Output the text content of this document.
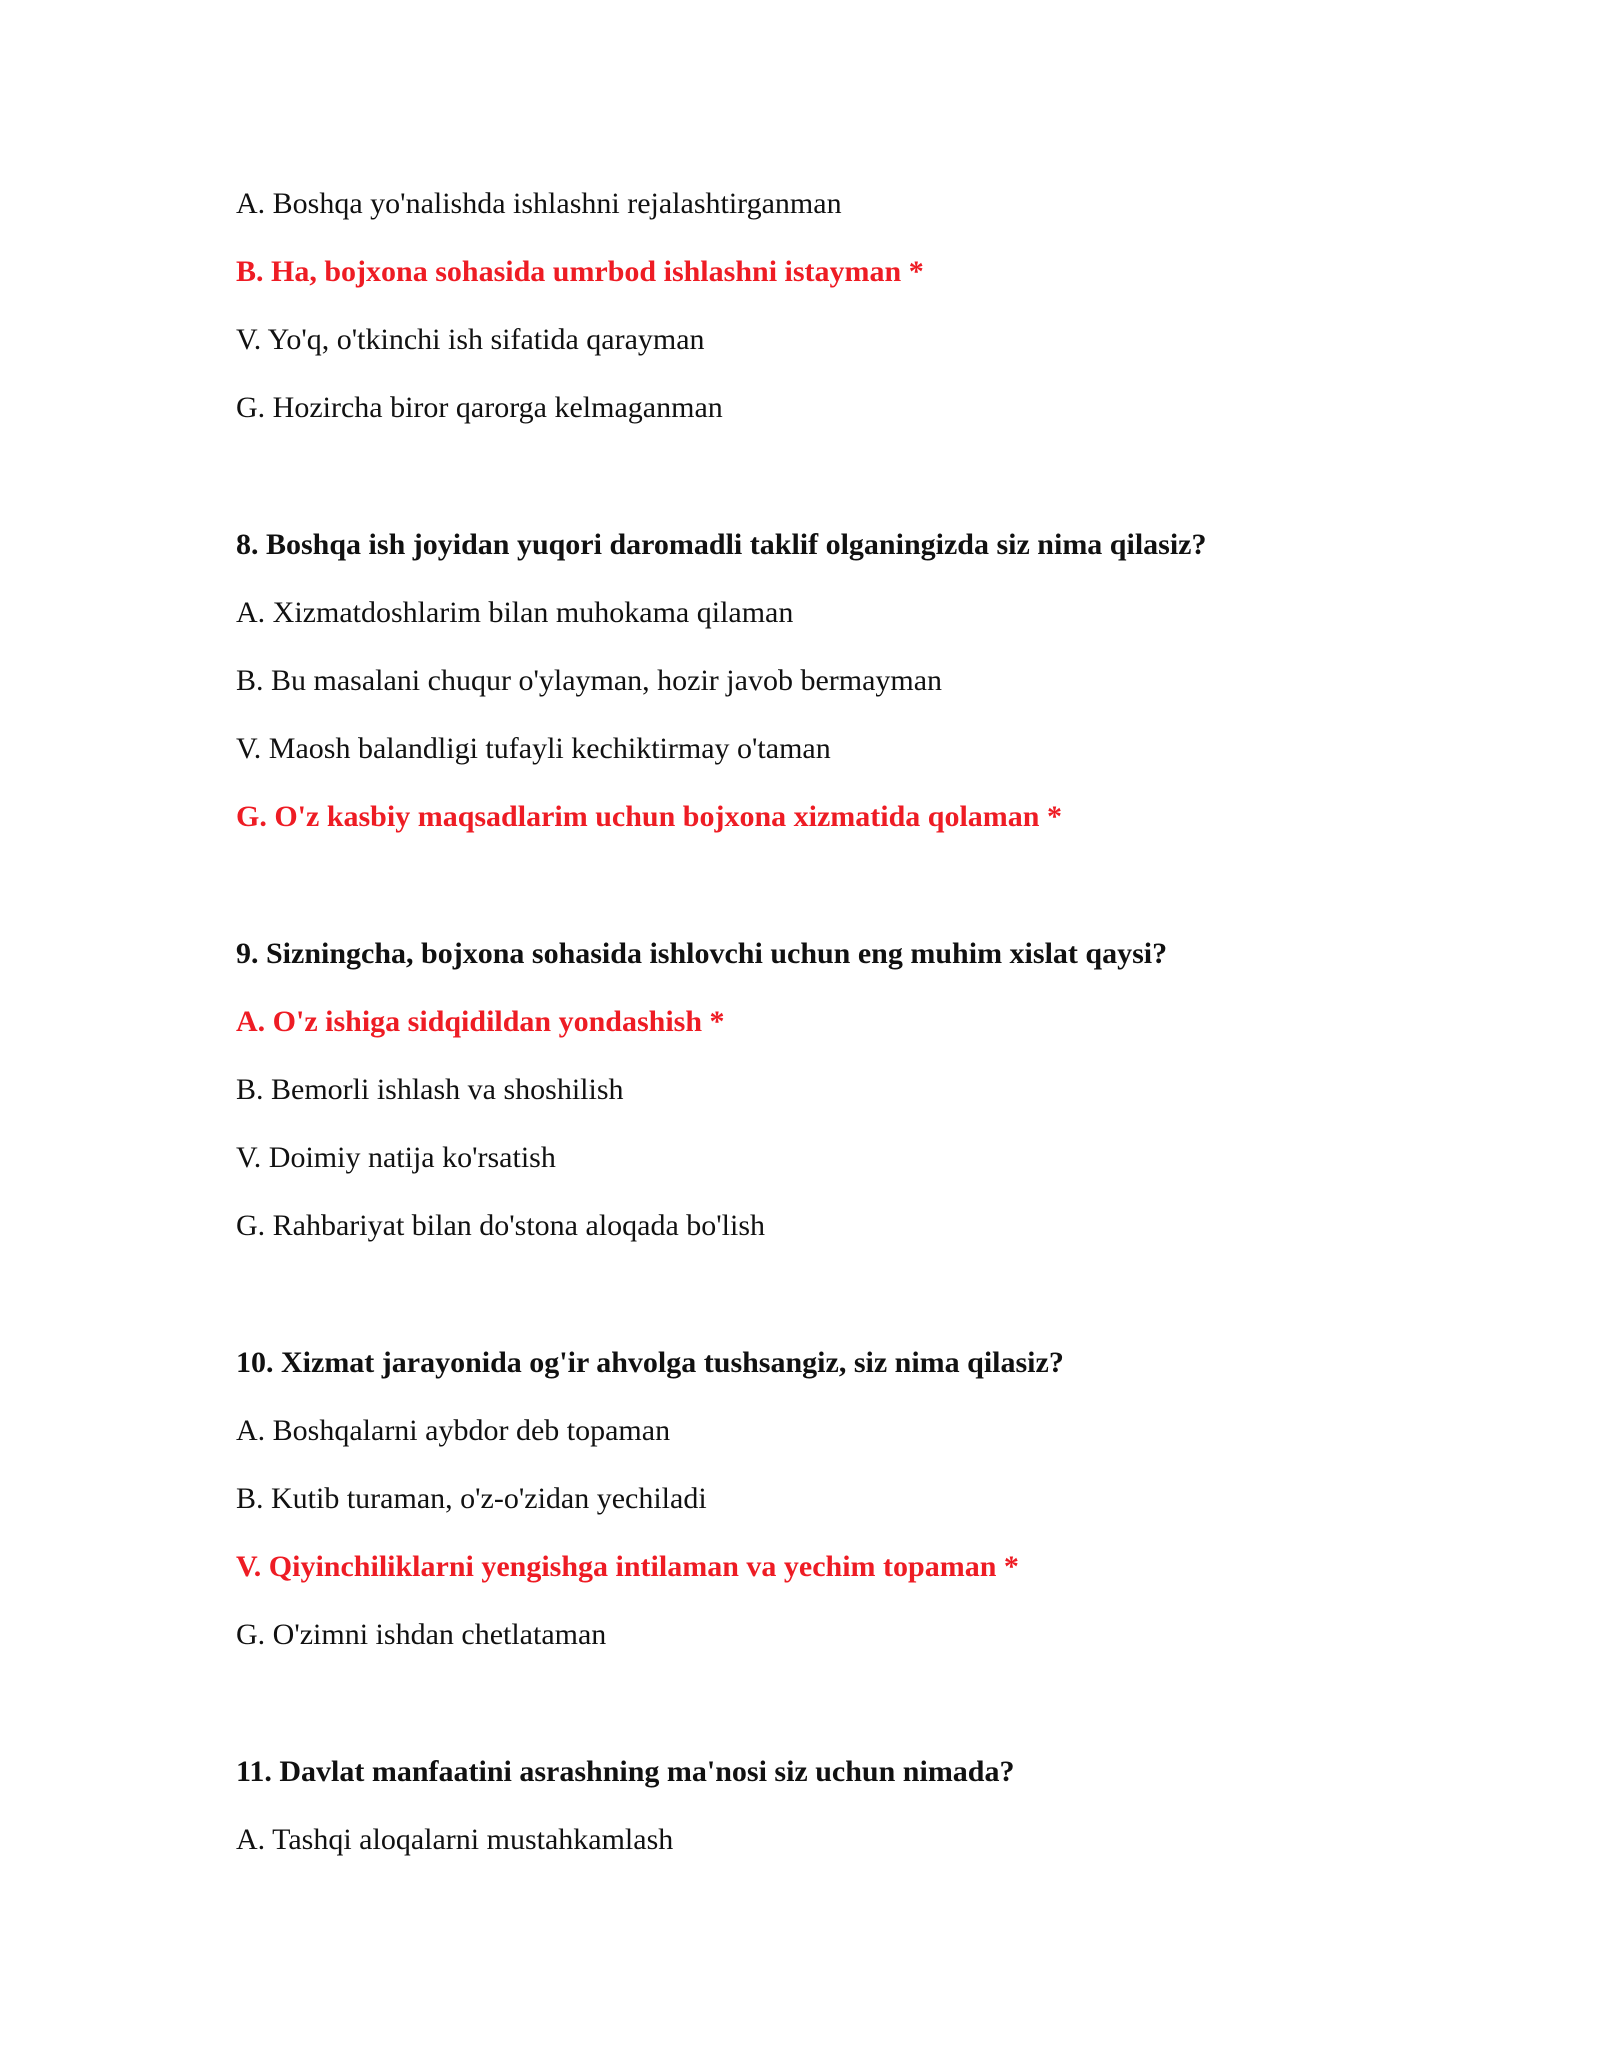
A. Boshqa yo'nalishda ishlashni rejalashtirganman

B. Ha, bojxona sohasida umrbod ishlashni istayman *

V. Yo'q, o'tkinchi ish sifatida qarayman

G. Hozircha biror qarorga kelmaganman

8. Boshqa ish joyidan yuqori daromadli taklif olganingizda siz nima qilasiz?

A. Xizmatdoshlarim bilan muhokama qilaman

B. Bu masalani chuqur o'ylayman, hozir javob bermayman

V. Maosh balandligi tufayli kechiktirmay o'taman

G. O'z kasbiy maqsadlarim uchun bojxona xizmatida qolaman *

9. Sizningcha, bojxona sohasida ishlovchi uchun eng muhim xislat qaysi?

A. O'z ishiga sidqidildan yondashish *

B. Bemorli ishlash va shoshilish

V. Doimiy natija ko'rsatish

G. Rahbariyat bilan do'stona aloqada bo'lish

10. Xizmat jarayonida og'ir ahvolga tushsangiz, siz nima qilasiz?

A. Boshqalarni aybdor deb topaman

B. Kutib turaman, o'z-o'zidan yechiladi

V. Qiyinchiliklarni yengishga intilaman va yechim topaman *

G. O'zimni ishdan chetlataman

11. Davlat manfaatini asrashning ma'nosi siz uchun nimada?

A. Tashqi aloqalarni mustahkamlash
